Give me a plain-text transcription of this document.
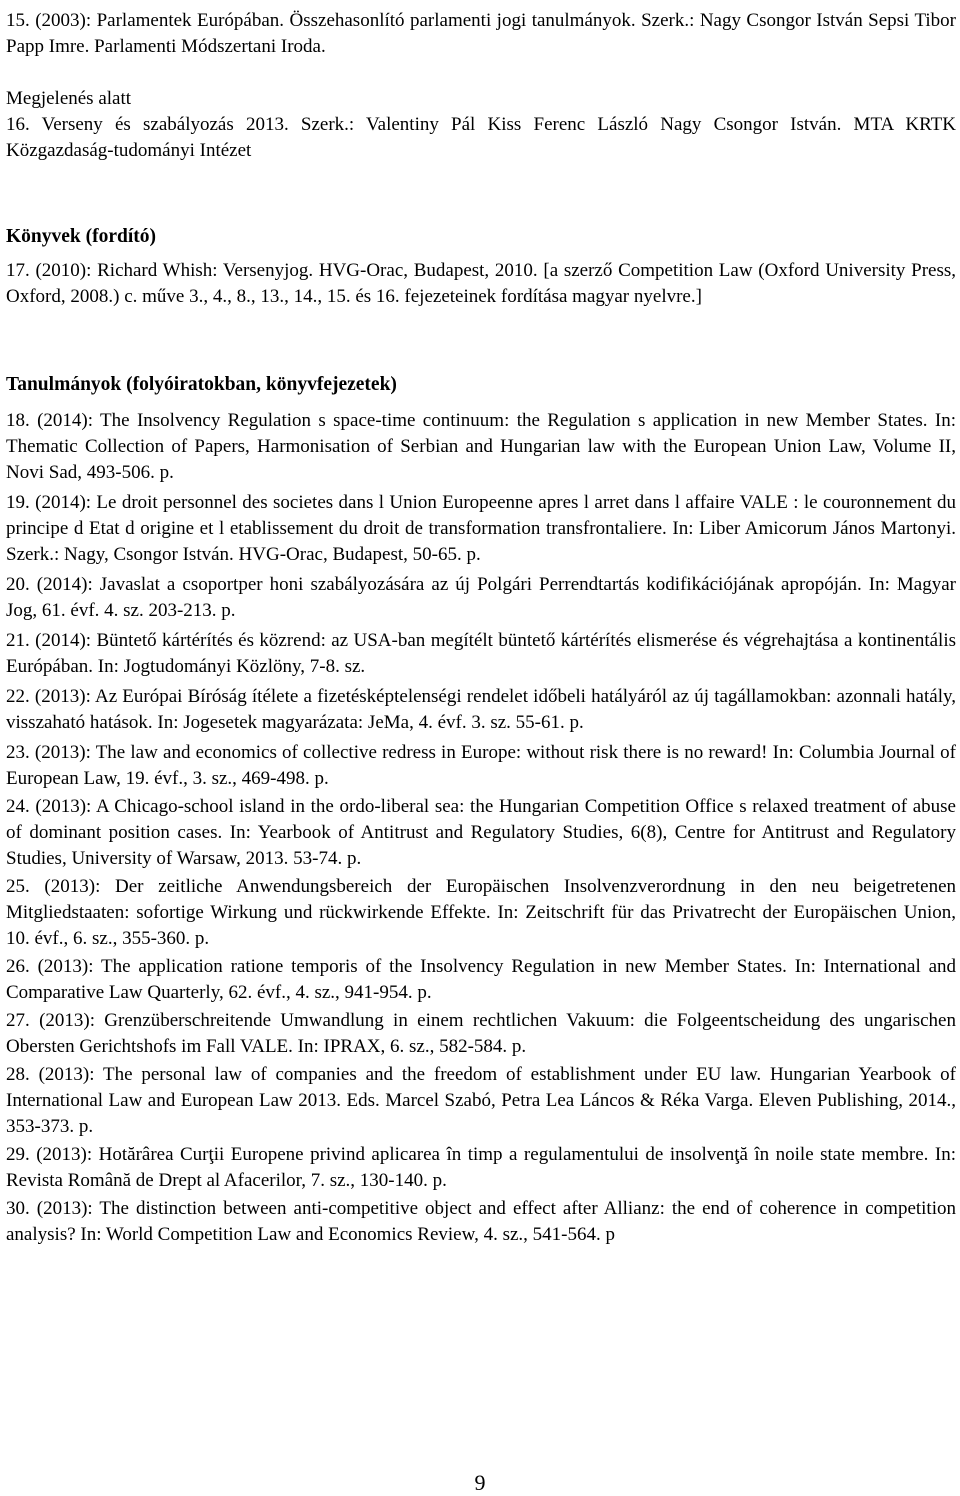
15. (2003): Parlamentek Európában. Összehasonlító parlamenti jogi tanulmányok. Szerk.: Nagy Csongor István Sepsi Tibor Papp Imre. Parlamenti Módszertani Iroda.

Megjelenés alatt

16. Verseny és szabályozás 2013. Szerk.: Valentiny Pál Kiss Ferenc László Nagy Csongor István. MTA KRTK Közgazdaság-tudományi Intézet

Könyvek (fordító)

17. (2010): Richard Whish: Versenyjog. HVG-Orac, Budapest, 2010. [a szerző Competition Law (Oxford University Press, Oxford, 2008.) c. műve 3., 4., 8., 13., 14., 15. és 16. fejezeteinek fordítása magyar nyelvre.]

Tanulmányok (folyóiratokban, könyvfejezetek)

18. (2014): The Insolvency Regulation s space-time continuum: the Regulation s application in new Member States. In: Thematic Collection of Papers, Harmonisation of Serbian and Hungarian law with the European Union Law, Volume II, Novi Sad, 493-506. p.

19. (2014): Le droit personnel des societes dans l Union Europeenne apres l arret dans l affaire VALE : le couronnement du principe d Etat d origine et l etablissement du droit de transformation transfrontaliere. In: Liber Amicorum János Martonyi. Szerk.: Nagy, Csongor István. HVG-Orac, Budapest, 50-65. p.

20. (2014): Javaslat a csoportper honi szabályozására az új Polgári Perrendtartás kodifikációjának apropóján. In: Magyar Jog, 61. évf. 4. sz. 203-213. p.

21. (2014): Büntető kártérítés és közrend: az USA-ban megítélt büntető kártérítés elismerése és végrehajtása a kontinentális Európában. In: Jogtudományi Közlöny, 7-8. sz.

22. (2013): Az Európai Bíróság ítélete a fizetésképtelenségi rendelet időbeli hatályáról az új tagállamokban: azonnali hatály, visszaható hatások. In: Jogesetek magyarázata: JeMa, 4. évf. 3. sz. 55-61. p.

23. (2013): The law and economics of collective redress in Europe: without risk there is no reward! In: Columbia Journal of European Law, 19. évf., 3. sz., 469-498. p.

24. (2013): A Chicago-school island in the ordo-liberal sea: the Hungarian Competition Office s relaxed treatment of abuse of dominant position cases. In: Yearbook of Antitrust and Regulatory Studies, 6(8), Centre for Antitrust and Regulatory Studies, University of Warsaw, 2013. 53-74. p.

25. (2013): Der zeitliche Anwendungsbereich der Europäischen Insolvenzverordnung in den neu beigetretenen Mitgliedstaaten: sofortige Wirkung und rückwirkende Effekte. In: Zeitschrift für das Privatrecht der Europäischen Union, 10. évf., 6. sz., 355-360. p.

26. (2013): The application ratione temporis of the Insolvency Regulation in new Member States. In: International and Comparative Law Quarterly, 62. évf., 4. sz., 941-954. p.

27. (2013): Grenzüberschreitende Umwandlung in einem rechtlichen Vakuum: die Folgeentscheidung des ungarischen Obersten Gerichtshofs im Fall VALE. In: IPRAX, 6. sz., 582-584. p.

28. (2013): The personal law of companies and the freedom of establishment under EU law. Hungarian Yearbook of International Law and European Law 2013. Eds. Marcel Szabó, Petra Lea Láncos & Réka Varga. Eleven Publishing, 2014., 353-373. p.

29. (2013): Hotărârea Curţii Europene privind aplicarea în timp a regulamentului de insolvenţă în noile state membre. In: Revista Română de Drept al Afacerilor, 7. sz., 130-140. p.

30. (2013): The distinction between anti-competitive object and effect after Allianz: the end of coherence in competition analysis? In: World Competition Law and Economics Review, 4. sz., 541-564. p

9
